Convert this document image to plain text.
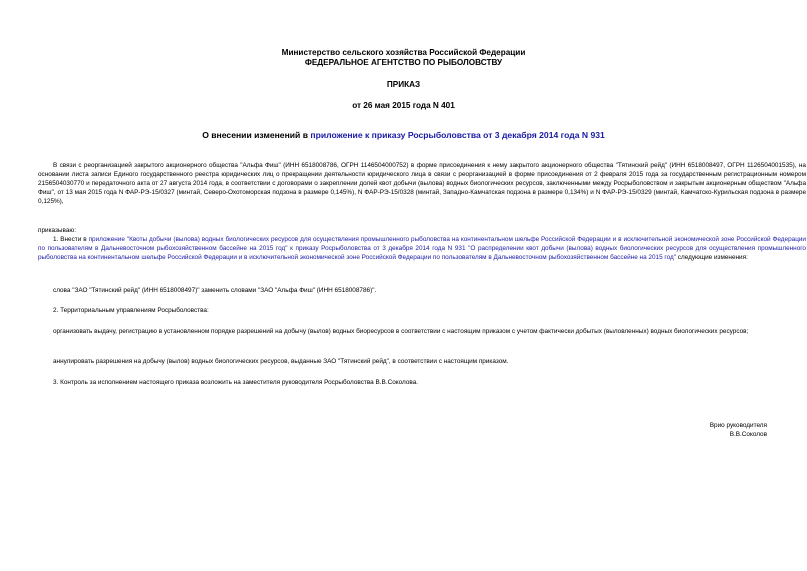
Министерство сельского хозяйства Российской Федерации
ФЕДЕРАЛЬНОЕ АГЕНТСТВО ПО РЫБОЛОВСТВУ
ПРИКАЗ
от 26 мая 2015 года N 401
О внесении изменений в приложение к приказу Росрыболовства от 3 декабря 2014 года N 931
В связи с реорганизацией закрытого акционерного общества "Альфа Фиш" (ИНН 6518008786, ОГРН 1146504000752) в форме присоединения к нему закрытого акционерного общества "Тятинский рейд" (ИНН 6518008497, ОГРН 1126504001535), на основании листа записи Единого государственного реестра юридических лиц о прекращении деятельности юридического лица в связи с реорганизацией в форме присоединения от 2 февраля 2015 года за государственным регистрационным номером 2156504030770 и передаточного акта от 27 августа 2014 года, в соответствии с договорами о закреплении долей квот добычи (вылова) водных биологических ресурсов, заключенными между Росрыболовством и закрытым акционерным обществом "Альфа Фиш", от 13 мая 2015 года N ФАР-РЭ-15/0327 (минтай, Северо-Охотоморская подзона в размере 0,145%), N ФАР-РЭ-15/0328 (минтай, Западно-Камчатская подзона в размере 0,134%) и N ФАР-РЭ-15/0329 (минтай, Камчатско-Курильская подзона в размере 0,125%),
приказываю:
1. Внести в приложение "Квоты добычи (вылова) водных биологических ресурсов для осуществления промышленного рыболовства на континентальном шельфе Российской Федерации и в исключительной экономической зоне Российской Федерации по пользователям в Дальневосточном рыбохозяйственном бассейне на 2015 год" к приказу Росрыболовства от 3 декабря 2014 года N 931 "О распределении квот добычи (вылова) водных биологических ресурсов для осуществления промышленного рыболовства на континентальном шельфе Российской Федерации и в исключительной экономической зоне Российской Федерации по пользователям в Дальневосточном рыбохозяйственном бассейне на 2015 год" следующие изменения:
слова "ЗАО "Тятинский рейд" (ИНН 6518008497)" заменить словами "ЗАО "Альфа Фиш" (ИНН 6518008786)".
2. Территориальным управлениям Росрыболовства:
организовать выдачу, регистрацию в установленном порядке разрешений на добычу (вылов) водных биоресурсов в соответствии с настоящим приказом с учетом фактически добытых (выловленных) водных биологических ресурсов;
аннулировать разрешения на добычу (вылов) водных биологических ресурсов, выданные ЗАО "Тятинский рейд", в соответствии с настоящим приказом.
3. Контроль за исполнением настоящего приказа возложить на заместителя руководителя Росрыболовства В.В.Соколова.
Врио руководителя
В.В.Соколов
